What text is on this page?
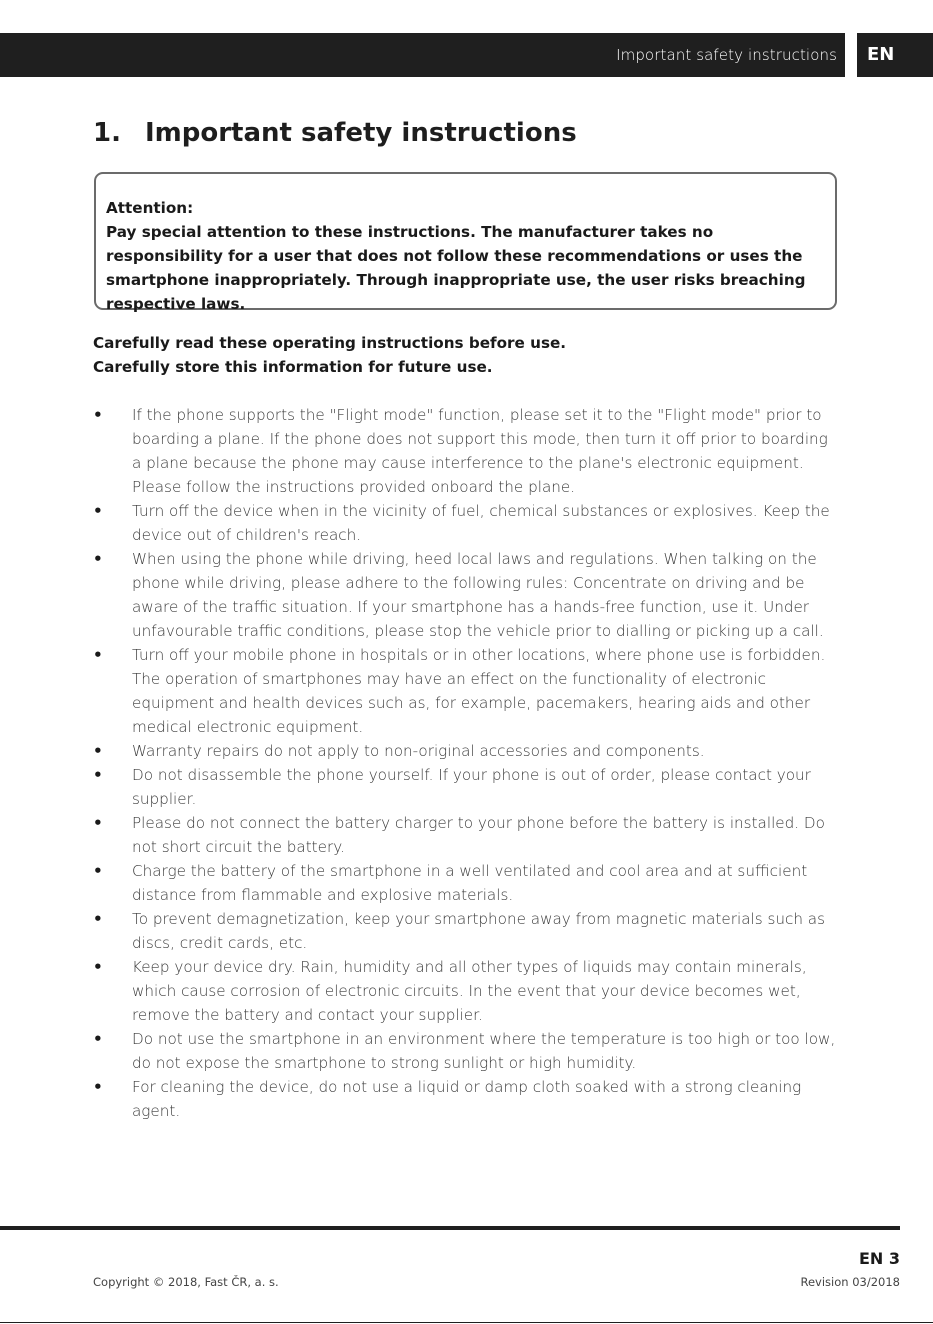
Important safety instructions	EN
1. Important safety instructions

Attention:

Pay special attention to these instructions. The manufacturer takes no responsibility for a user that does not follow these recommendations or uses the smartphone inappropriately. Through inappropriate use, the user risks breaching respective laws.

Carefully read these operating instructions before use.

Carefully store this information for future use.

• If the phone supports the "Flight mode" function, please set it to the "Flight mode" prior to boarding a plane. If the phone does not support this mode, then turn it off prior to boarding a plane because the phone may cause interference to the plane's electronic equipment. Please follow the instructions provided onboard the plane.
• Turn off the device when in the vicinity of fuel, chemical substances or explosives. Keep the device out of children's reach.
• When using the phone while driving, heed local laws and regulations. When talking on the phone while driving, please adhere to the following rules: Concentrate on driving and be aware of the traffic situation. If your smartphone has a hands-free function, use it. Under unfavourable traffic conditions, please stop the vehicle prior to dialling or picking up a call.
• Turn off your mobile phone in hospitals or in other locations, where phone use is forbidden. The operation of smartphones may have an effect on the functionality of electronic equipment and health devices such as, for example, pacemakers, hearing aids and other medical electronic equipment.
• Warranty repairs do not apply to non-original accessories and components.
• Do not disassemble the phone yourself. If your phone is out of order, please contact your supplier.
• Please do not connect the battery charger to your phone before the battery is installed. Do not short circuit the battery.
• Charge the battery of the smartphone in a well ventilated and cool area and at sufficient distance from flammable and explosive materials.
• To prevent demagnetization, keep your smartphone away from magnetic materials such as discs, credit cards, etc.
• Keep your device dry. Rain, humidity and all other types of liquids may contain minerals, which cause corrosion of electronic circuits. In the event that your device becomes wet, remove the battery and contact your supplier.
• Do not use the smartphone in an environment where the temperature is too high or too low, do not expose the smartphone to strong sunlight or high humidity.
• For cleaning the device, do not use a liquid or damp cloth soaked with a strong cleaning agent.
EN 3
Copyright © 2018, Fast ČR, a. s.	Revision 03/2018
